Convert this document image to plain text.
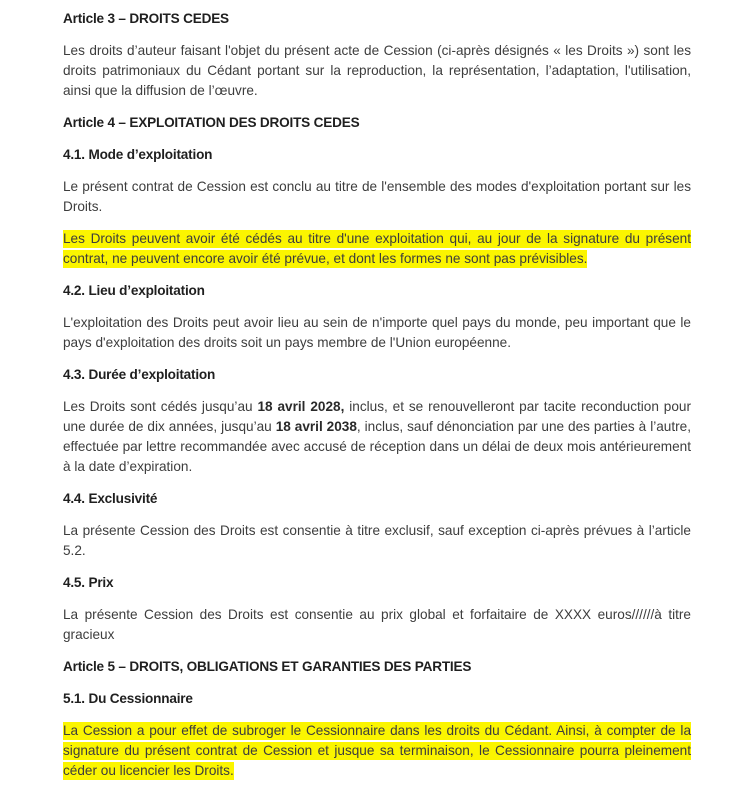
Article 3 – DROITS CEDES

Les droits d’auteur faisant l'objet du présent acte de Cession (ci-après désignés « les Droits ») sont les droits patrimoniaux du Cédant portant sur la reproduction, la représentation, l’adaptation, l'utilisation, ainsi que la diffusion de l’œuvre.

Article 4 – EXPLOITATION DES DROITS CEDES
4.1. Mode d’exploitation

Le présent contrat de Cession est conclu au titre de l'ensemble des modes d'exploitation portant sur les Droits.

Les Droits peuvent avoir été cédés au titre d'une exploitation qui, au jour de la signature du présent contrat, ne peuvent encore avoir été prévue, et dont les formes ne sont pas prévisibles.

4.2. Lieu d’exploitation

L'exploitation des Droits peut avoir lieu au sein de n'importe quel pays du monde, peu important que le pays d'exploitation des droits soit un pays membre de l'Union européenne.

4.3. Durée d’exploitation

Les Droits sont cédés jusqu’au 18 avril 2028, inclus, et se renouvelleront par tacite reconduction pour une durée de dix années, jusqu’au 18 avril 2038, inclus, sauf dénonciation par une des parties à l’autre, effectuée par lettre recommandée avec accusé de réception dans un délai de deux mois antérieurement à la date d’expiration.

4.4. Exclusivité

La présente Cession des Droits est consentie à titre exclusif, sauf exception ci-après prévues à l’article 5.2.

4.5. Prix

La présente Cession des Droits est consentie au prix global et forfaitaire de XXXX euros//////à titre gracieux

Article 5 – DROITS, OBLIGATIONS ET GARANTIES DES PARTIES
5.1. Du Cessionnaire

La Cession a pour effet de subroger le Cessionnaire dans les droits du Cédant. Ainsi, à compter de la signature du présent contrat de Cession et jusque sa terminaison, le Cessionnaire pourra pleinement céder ou licencier les Droits.
